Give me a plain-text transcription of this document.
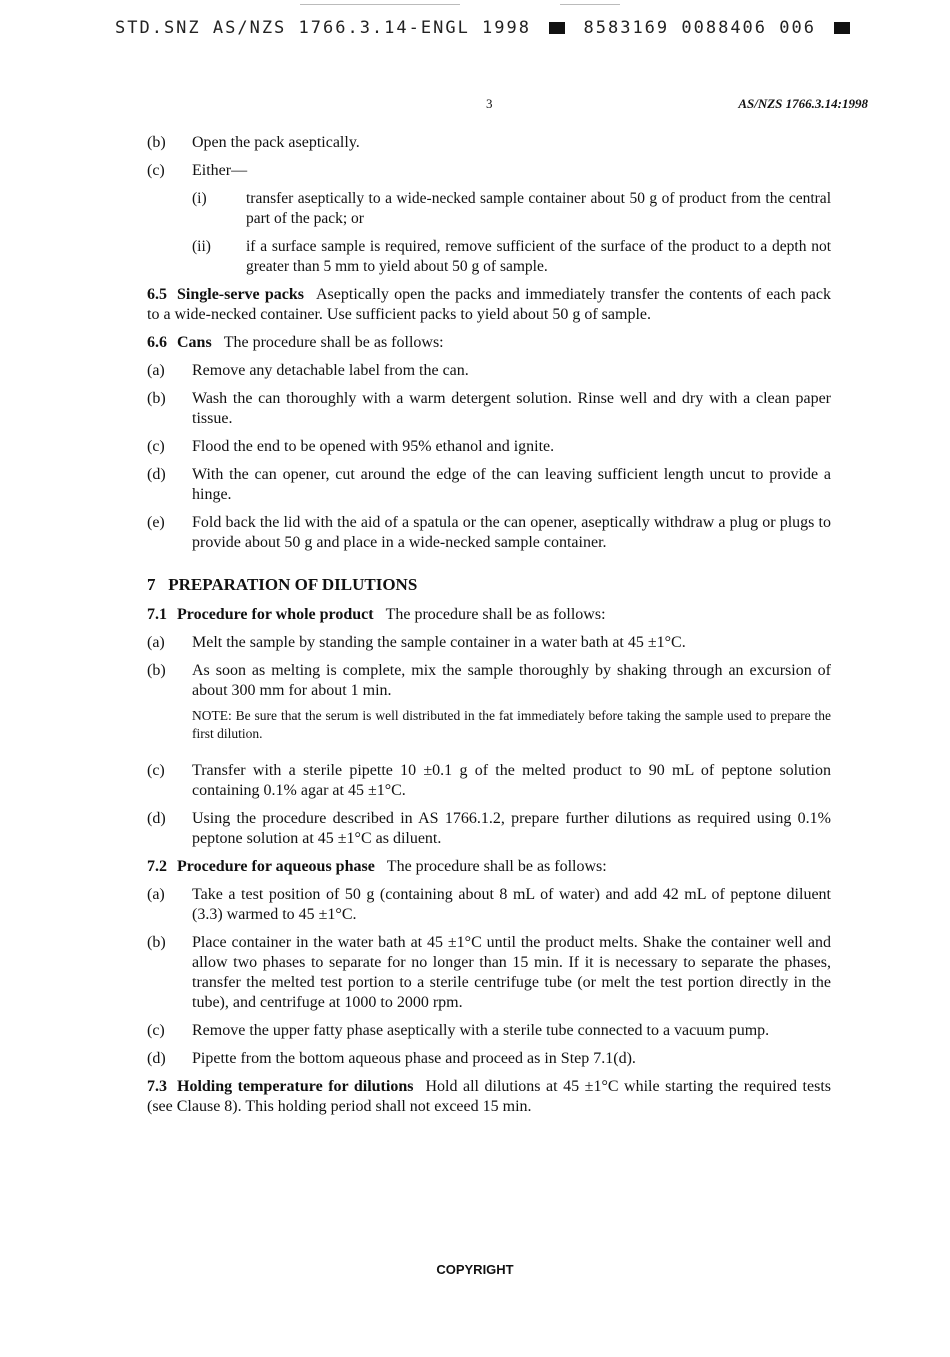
STD.SNZ AS/NZS 1766.3.14-ENGL 1998	8583169 0088406 006
3	AS/NZS 1766.3.14:1998
(b) Open the pack aseptically.
(c) Either—
(i)	transfer aseptically to a wide-necked sample container about 50 g of product from the central part of the pack; or
(ii) if a surface sample is required, remove sufficient of the surface of the product to a depth not greater than 5 mm to yield about 50 g of sample.
6.5 Single-serve packs Aseptically open the packs and immediately transfer the contents of each pack to a wide-necked container. Use sufficient packs to yield about 50 g of sample.
6.6 Cans The procedure shall be as follows:
(a) Remove any detachable label from the can.
(b) Wash the can thoroughly with a warm detergent solution. Rinse well and dry with a clean paper tissue.
(c) Flood the end to be opened with 95% ethanol and ignite.
(d) With the can opener, cut around the edge of the can leaving sufficient length uncut to provide a hinge.
(e) Fold back the lid with the aid of a spatula or the can opener, aseptically withdraw a plug or plugs to provide about 50 g and place in a wide-necked sample container.
7   PREPARATION OF DILUTIONS
7.1 Procedure for whole product The procedure shall be as follows:
(a) Melt the sample by standing the sample container in a water bath at 45 ±1°C.
(b) As soon as melting is complete, mix the sample thoroughly by shaking through an excursion of about 300 mm for about 1 min.
NOTE: Be sure that the serum is well distributed in the fat immediately before taking the sample used to prepare the first dilution.
(c) Transfer with a sterile pipette 10 ±0.1 g of the melted product to 90 mL of peptone solution containing 0.1% agar at 45 ±1°C.
(d) Using the procedure described in AS 1766.1.2, prepare further dilutions as required using 0.1% peptone solution at 45 ±1°C as diluent.
7.2 Procedure for aqueous phase The procedure shall be as follows:
(a) Take a test position of 50 g (containing about 8 mL of water) and add 42 mL of peptone diluent (3.3) warmed to 45 ±1°C.
(b) Place container in the water bath at 45 ±1°C until the product melts. Shake the container well and allow two phases to separate for no longer than 15 min. If it is necessary to separate the phases, transfer the melted test portion to a sterile centrifuge tube (or melt the test portion directly in the tube), and centrifuge at 1000 to 2000 rpm.
(c) Remove the upper fatty phase aseptically with a sterile tube connected to a vacuum pump.
(d) Pipette from the bottom aqueous phase and proceed as in Step 7.1(d).
7.3 Holding temperature for dilutions Hold all dilutions at 45 ±1°C while starting the required tests (see Clause 8). This holding period shall not exceed 15 min.
COPYRIGHT
